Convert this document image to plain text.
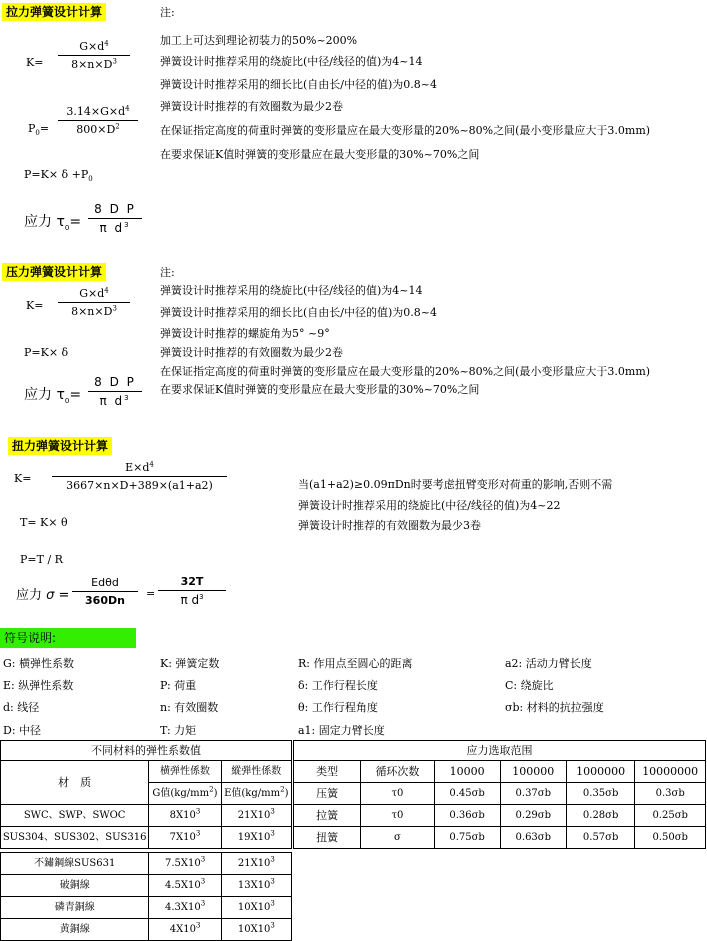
拉力弹簧设计计算	注:
K=
$G\times d^4$
$8\times n\times D^3$
$P_0=$
$3.14\times G\times d^4$
$800\times D^2$
$P=K\times \delta +P_0$
应力 $\tau_0=$
8 D P
π $d^3$
加工上可达到理论初装力的50%~200%
弹簧设计时推荐采用的绕旋比(中径/线径的值)为4~14
弹簧设计时推荐采用的细长比(自由长/中径的值)为0.8~4
弹簧设计时推荐的有效圈数为最少2卷
在保证指定高度的荷重时弹簧的变形量应在最大变形量的20%~80%之间(最小变形量应大于3.0mm)
在要求保证K值时弹簧的变形量应在最大变形量的30%~70%之间
压力弹簧设计计算	注:
K=
$G\times d^4$
$8\times n\times D^3$
P=K× δ
应力 $\tau_0=$
8 D P
π $d^3$
弹簧设计时推荐采用的绕旋比(中径/线径的值)为4~14
弹簧设计时推荐采用的细长比(自由长/中径的值)为0.8~4
弹簧设计时推荐的螺旋角为5° ~9°
弹簧设计时推荐的有效圈数为最少2卷
在保证指定高度的荷重时弹簧的变形量应在最大变形量的20%~80%之间(最小变形量应大于3.0mm)
在要求保证K值时弹簧的变形量应在最大变形量的30%~70%之间
扭力弹簧设计计算
K=
$E\times d^4$
3667×n×D+389×(a1+a2)
T= K× θ
P=T / R
应力 σ =
Edθd
360Dn
=
32T
π $d^3$
当(a1+a2)≥0.09πDn时要考虑扭臂变形对荷重的影响,否则不需
弹簧设计时推荐采用的绕旋比(中径/线径的值)为4~22
弹簧设计时推荐的有效圈数为最少3卷
符号说明:
G: 横弹性系数	K: 弹簧定数	R: 作用点至圆心的距离	a2: 活动力臂长度
E: 纵弹性系数	P: 荷重	δ: 工作行程长度	C: 绕旋比
d: 线径	n: 有效圈数	θ: 工作行程角度	σb: 材料的抗拉强度
D: 中径	T: 力矩	a1: 固定力臂长度
不同材料的弹性系数值		
材　质	横弹性係数	縱弾性係数
	G值$(kg/mm^2)$	E值$(kg/mm^2)$
SWC、SWP、SWOC	$8X10^3$	$21X10^3$
SUS304、SUS302、SUS316	$7X10^3$	$19X10^3$
不鏽鋼線SUS631	$7.5X10^3$	$21X10^3$
破銅線	$4.5X10^3$	$13X10^3$
磷青銅線	$4.3X10^3$	$10X10^3$
黄銅線	$4X10^3$	$10X10^3$
应力选取范围					
类型	循环次数	10000	100000	1000000	10000000
压簧	τ0	0.45σb	0.37σb	0.35σb	0.3σb
拉簧	τ0	0.36σb	0.29σb	0.28σb	0.25σb
扭簧	σ	0.75σb	0.63σb	0.57σb	0.50σb
